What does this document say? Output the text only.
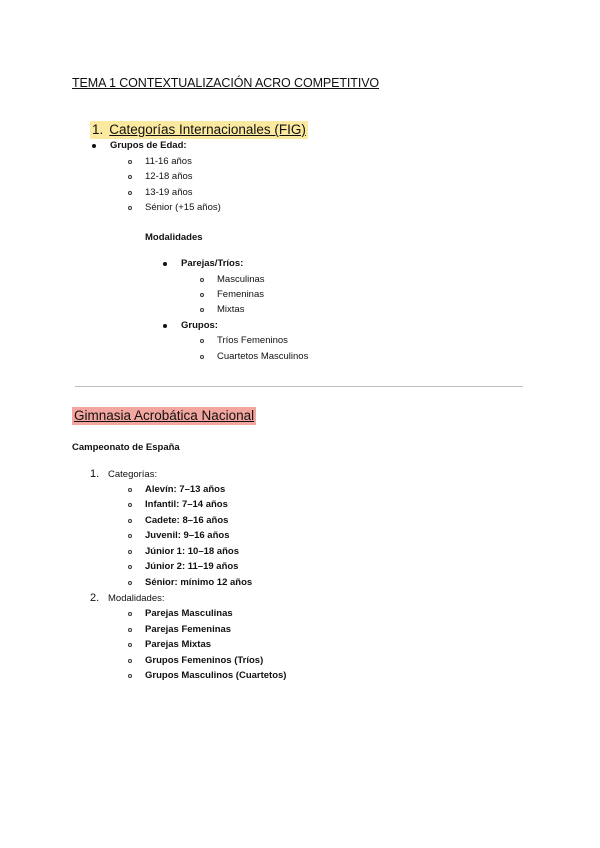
TEMA 1 CONTEXTUALIZACIÓN ACRO COMPETITIVO
1. Categorías Internacionales (FIG)
Grupos de Edad:
11-16 años
12-18 años
13-19 años
Sénior (+15 años)
Modalidades
Parejas/Tríos:
Masculinas
Femeninas
Mixtas
Grupos:
Tríos Femeninos
Cuartetos Masculinos
Gimnasia Acrobática Nacional
Campeonato de España
1. Categorías:
Alevín: 7–13 años
Infantil: 7–14 años
Cadete: 8–16 años
Juvenil: 9–16 años
Júnior 1: 10–18 años
Júnior 2: 11–19 años
Sénior: mínimo 12 años
2. Modalidades:
Parejas Masculinas
Parejas Femeninas
Parejas Mixtas
Grupos Femeninos (Tríos)
Grupos Masculinos (Cuartetos)
